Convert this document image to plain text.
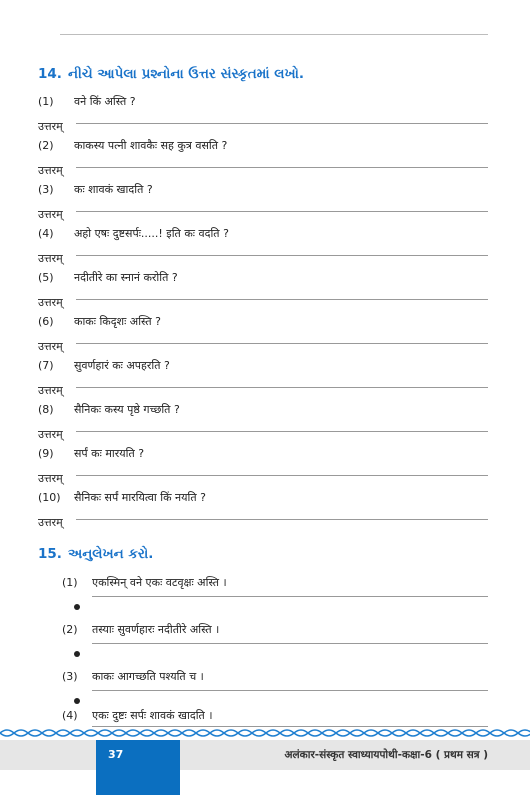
14. નીચે આપેલા પ્રશ્નોના ઉત્તર સંસ્કૃતમાં લખો.
(1) वने किं अस्ति ?
उत्तरम्
(2) काकस्य पत्नी शावकैः सह कुत्र वसति ?
उत्तरम्
(3) कः शावकं खादति ?
उत्तरम्
(4) अहो एषः दुष्टसर्पः.....! इति कः वदति ?
उत्तरम्
(5) नदीतीरे का स्नानं करोति ?
उत्तरम्
(6) काकः किदृशः अस्ति ?
उत्तरम्
(7) सुवर्णहारं कः अपहरति ?
उत्तरम्
(8) सैनिकः कस्य पृष्ठे गच्छति ?
उत्तरम्
(9) सर्पं कः मारयति ?
उत्तरम्
(10) सैनिकः सर्पं मारयित्वा किं नयति ?
उत्तरम्
15. અનુલેખન કરો.
(1) एकस्मिन् वने एकः वटवृक्षः अस्ति ।
(2) तस्याः सुवर्णहारः नदीतीरे अस्ति ।
(3) काकः आगच्छति पश्यति च ।
(4) एकः दुष्टः सर्पः शावकं खादति ।
37	अलंकार-संस्कृत स्वाध्यायपोथी-कक्षा-6 ( प्रथम सत्र )
